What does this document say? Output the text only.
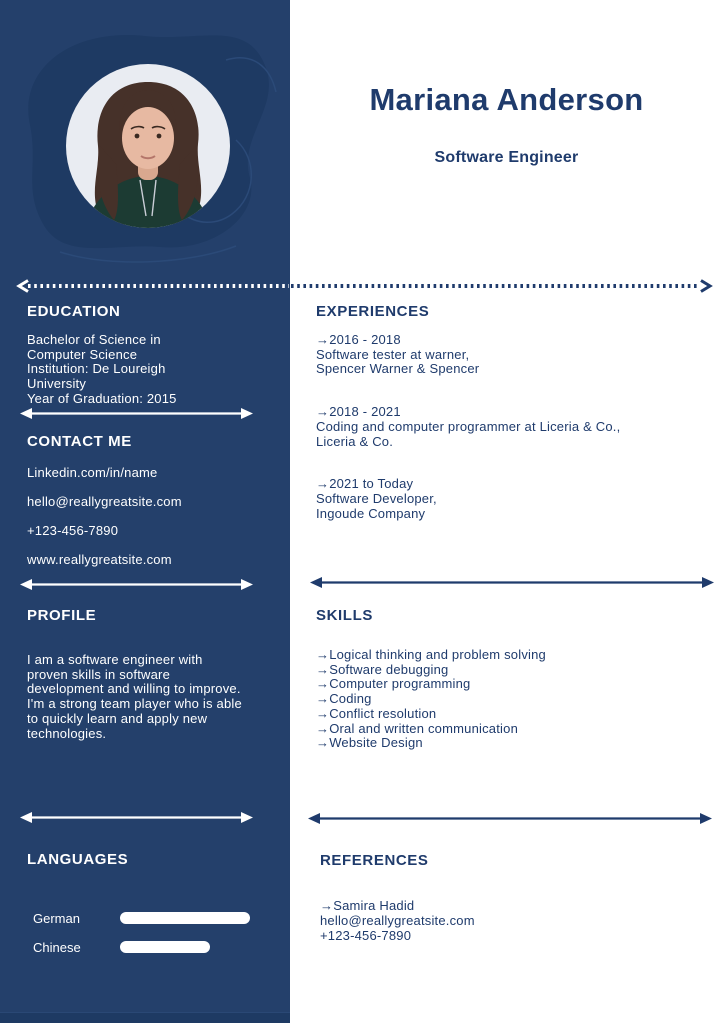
EDUCATION
Bachelor of Science in
Computer Science
Institution: De Loureigh
University
Year of Graduation: 2015
CONTACT ME
Linkedin.com/in/name
hello@reallygreatsite.com
+123-456-7890
www.reallygreatsite.com
PROFILE
I am a software engineer with
proven skills in software
development and willing to improve.
I'm a strong team player who is able
to quickly learn and apply new
technologies.
LANGUAGES
German
Chinese
Mariana Anderson
Software Engineer
EXPERIENCES
→2016 - 2018
Software tester at warner,
Spencer Warner & Spencer
→2018 - 2021
Coding and computer programmer at Liceria & Co.,
Liceria & Co.
→2021 to Today
Software Developer,
Ingoude Company
SKILLS
→Logical thinking and problem solving
→Software debugging
→Computer programming
→Coding
→Conflict resolution
→Oral and written communication
→Website Design
REFERENCES
→Samira Hadid
hello@reallygreatsite.com
+123-456-7890
